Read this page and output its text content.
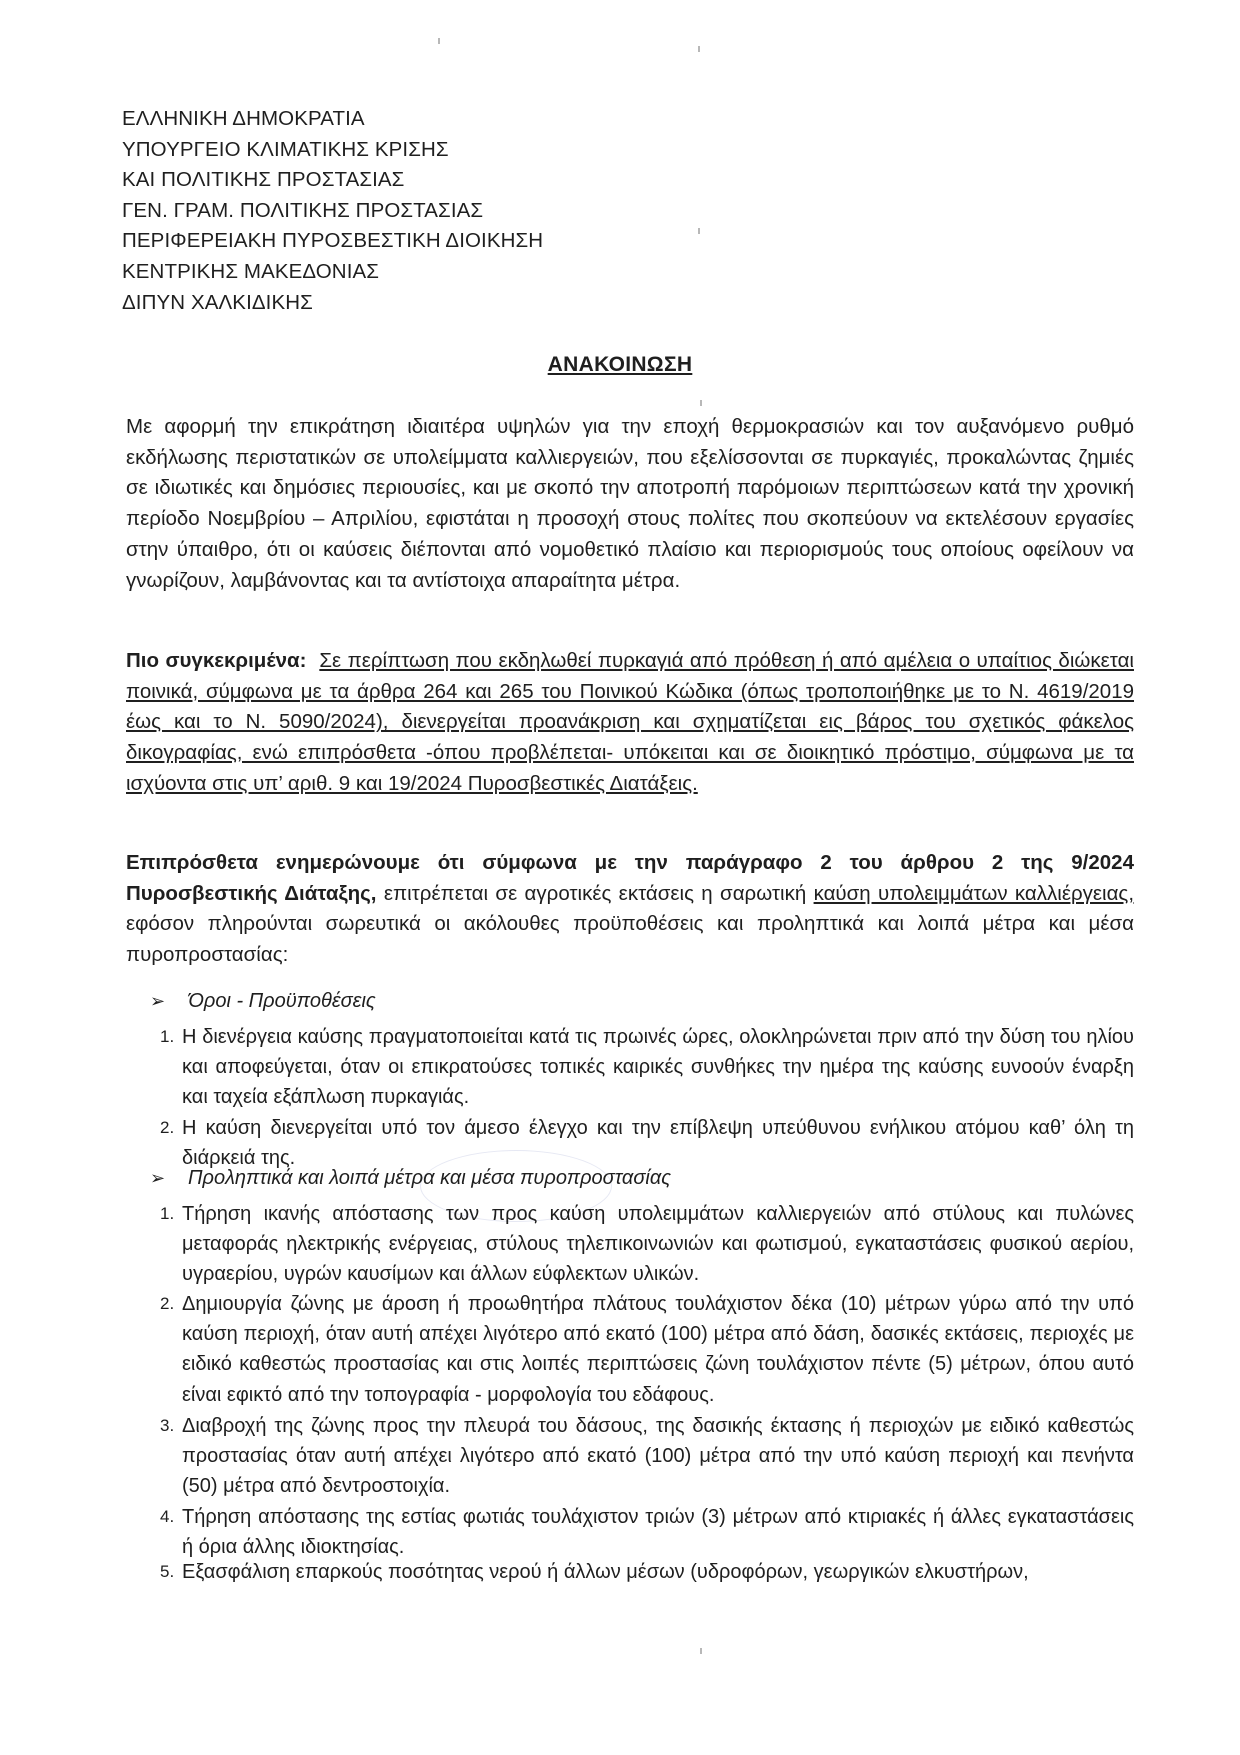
ΕΛΛΗΝΙΚΗ ΔΗΜΟΚΡΑΤΙΑ
ΥΠΟΥΡΓΕΙΟ ΚΛΙΜΑΤΙΚΗΣ ΚΡΙΣΗΣ
ΚΑΙ ΠΟΛΙΤΙΚΗΣ ΠΡΟΣΤΑΣΙΑΣ
ΓΕΝ. ΓΡΑΜ. ΠΟΛΙΤΙΚΗΣ ΠΡΟΣΤΑΣΙΑΣ
ΠΕΡΙΦΕΡΕΙΑΚΗ ΠΥΡΟΣΒΕΣΤΙΚΗ ΔΙΟΙΚΗΣΗ
ΚΕΝΤΡΙΚΗΣ ΜΑΚΕΔΟΝΙΑΣ
ΔΙΠΥΝ ΧΑΛΚΙΔΙΚΗΣ
ΑΝΑΚΟΙΝΩΣΗ
Με αφορμή την επικράτηση ιδιαιτέρα υψηλών για την εποχή θερμοκρασιών και τον αυξανόμενο ρυθμό εκδήλωσης περιστατικών σε υπολείμματα καλλιεργειών, που εξελίσσονται σε πυρκαγιές, προκαλώντας ζημιές σε ιδιωτικές και δημόσιες περιουσίες, και με σκοπό την αποτροπή παρόμοιων περιπτώσεων κατά την χρονική περίοδο Νοεμβρίου – Απριλίου, εφιστάται η προσοχή στους πολίτες που σκοπεύουν να εκτελέσουν εργασίες στην ύπαιθρο, ότι οι καύσεις διέπονται από νομοθετικό πλαίσιο και περιορισμούς τους οποίους οφείλουν να γνωρίζουν, λαμβάνοντας και τα αντίστοιχα απαραίτητα μέτρα.
Πιο συγκεκριμένα: Σε περίπτωση που εκδηλωθεί πυρκαγιά από πρόθεση ή από αμέλεια ο υπαίτιος διώκεται ποινικά, σύμφωνα με τα άρθρα 264 και 265 του Ποινικού Κώδικα (όπως τροποποιήθηκε με το Ν. 4619/2019 έως και το Ν. 5090/2024), διενεργείται προανάκριση και σχηματίζεται εις βάρος του σχετικός φάκελος δικογραφίας, ενώ επιπρόσθετα -όπου προβλέπεται- υπόκειται και σε διοικητικό πρόστιμο, σύμφωνα με τα ισχύοντα στις υπ’ αριθ. 9 και 19/2024 Πυροσβεστικές Διατάξεις.
Επιπρόσθετα ενημερώνουμε ότι σύμφωνα με την παράγραφο 2 του άρθρου 2 της 9/2024 Πυροσβεστικής Διάταξης, επιτρέπεται σε αγροτικές εκτάσεις η σαρωτική καύση υπολειμμάτων καλλιέργειας, εφόσον πληρούνται σωρευτικά οι ακόλουθες προϋποθέσεις και προληπτικά και λοιπά μέτρα και μέσα πυροπροστασίας:
➢ Όροι - Προϋποθέσεις
1. Η διενέργεια καύσης πραγματοποιείται κατά τις πρωινές ώρες, ολοκληρώνεται πριν από την δύση του ηλίου και αποφεύγεται, όταν οι επικρατούσες τοπικές καιρικές συνθήκες την ημέρα της καύσης ευνοούν έναρξη και ταχεία εξάπλωση πυρκαγιάς.
2. Η καύση διενεργείται υπό τον άμεσο έλεγχο και την επίβλεψη υπεύθυνου ενήλικου ατόμου καθ’ όλη τη διάρκειά της.
➢ Προληπτικά και λοιπά μέτρα και μέσα πυροπροστασίας
1. Τήρηση ικανής απόστασης των προς καύση υπολειμμάτων καλλιεργειών από στύλους και πυλώνες μεταφοράς ηλεκτρικής ενέργειας, στύλους τηλεπικοινωνιών και φωτισμού, εγκαταστάσεις φυσικού αερίου, υγραερίου, υγρών καυσίμων και άλλων εύφλεκτων υλικών.
2. Δημιουργία ζώνης με άροση ή προωθητήρα πλάτους τουλάχιστον δέκα (10) μέτρων γύρω από την υπό καύση περιοχή, όταν αυτή απέχει λιγότερο από εκατό (100) μέτρα από δάση, δασικές εκτάσεις, περιοχές με ειδικό καθεστώς προστασίας και στις λοιπές περιπτώσεις ζώνη τουλάχιστον πέντε (5) μέτρων, όπου αυτό είναι εφικτό από την τοπογραφία - μορφολογία του εδάφους.
3. Διαβροχή της ζώνης προς την πλευρά του δάσους, της δασικής έκτασης ή περιοχών με ειδικό καθεστώς προστασίας όταν αυτή απέχει λιγότερο από εκατό (100) μέτρα από την υπό καύση περιοχή και πενήντα (50) μέτρα από δεντροστοιχία.
4. Τήρηση απόστασης της εστίας φωτιάς τουλάχιστον τριών (3) μέτρων από κτιριακές ή άλλες εγκαταστάσεις ή όρια άλλης ιδιοκτησίας.
5. Εξασφάλιση επαρκούς ποσότητας νερού ή άλλων μέσων (υδροφόρων, γεωργικών ελκυστήρων,
